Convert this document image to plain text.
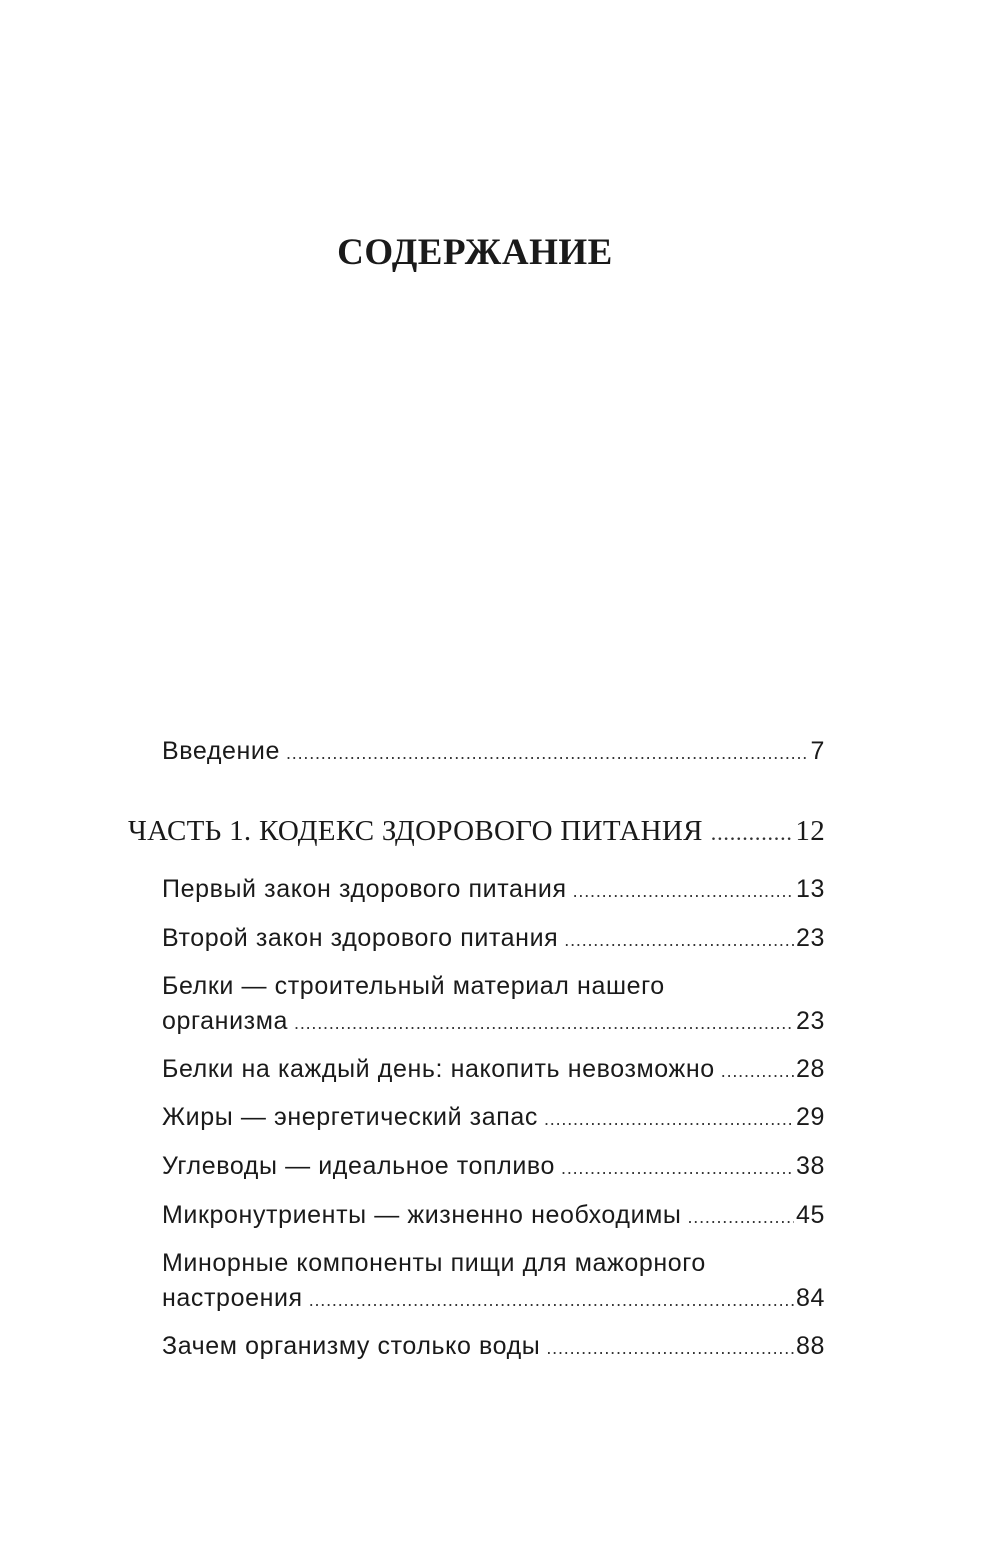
СОДЕРЖАНИЕ
Введение .....	7
ЧАСТЬ 1. КОДЕКС ЗДОРОВОГО ПИТАНИЯ .....	12
Первый закон здорового питания .....	13
Второй закон здорового питания .....	23
Белки — строительный материал нашего
организма .....	23
Белки на каждый день: накопить невозможно .....	28
Жиры — энергетический запас .....	29
Углеводы — идеальное топливо .....	38
Микронутриенты — жизненно необходимы .....	45
Минорные компоненты пищи для мажорного
настроения .....	84
Зачем организму столько воды .....	88
